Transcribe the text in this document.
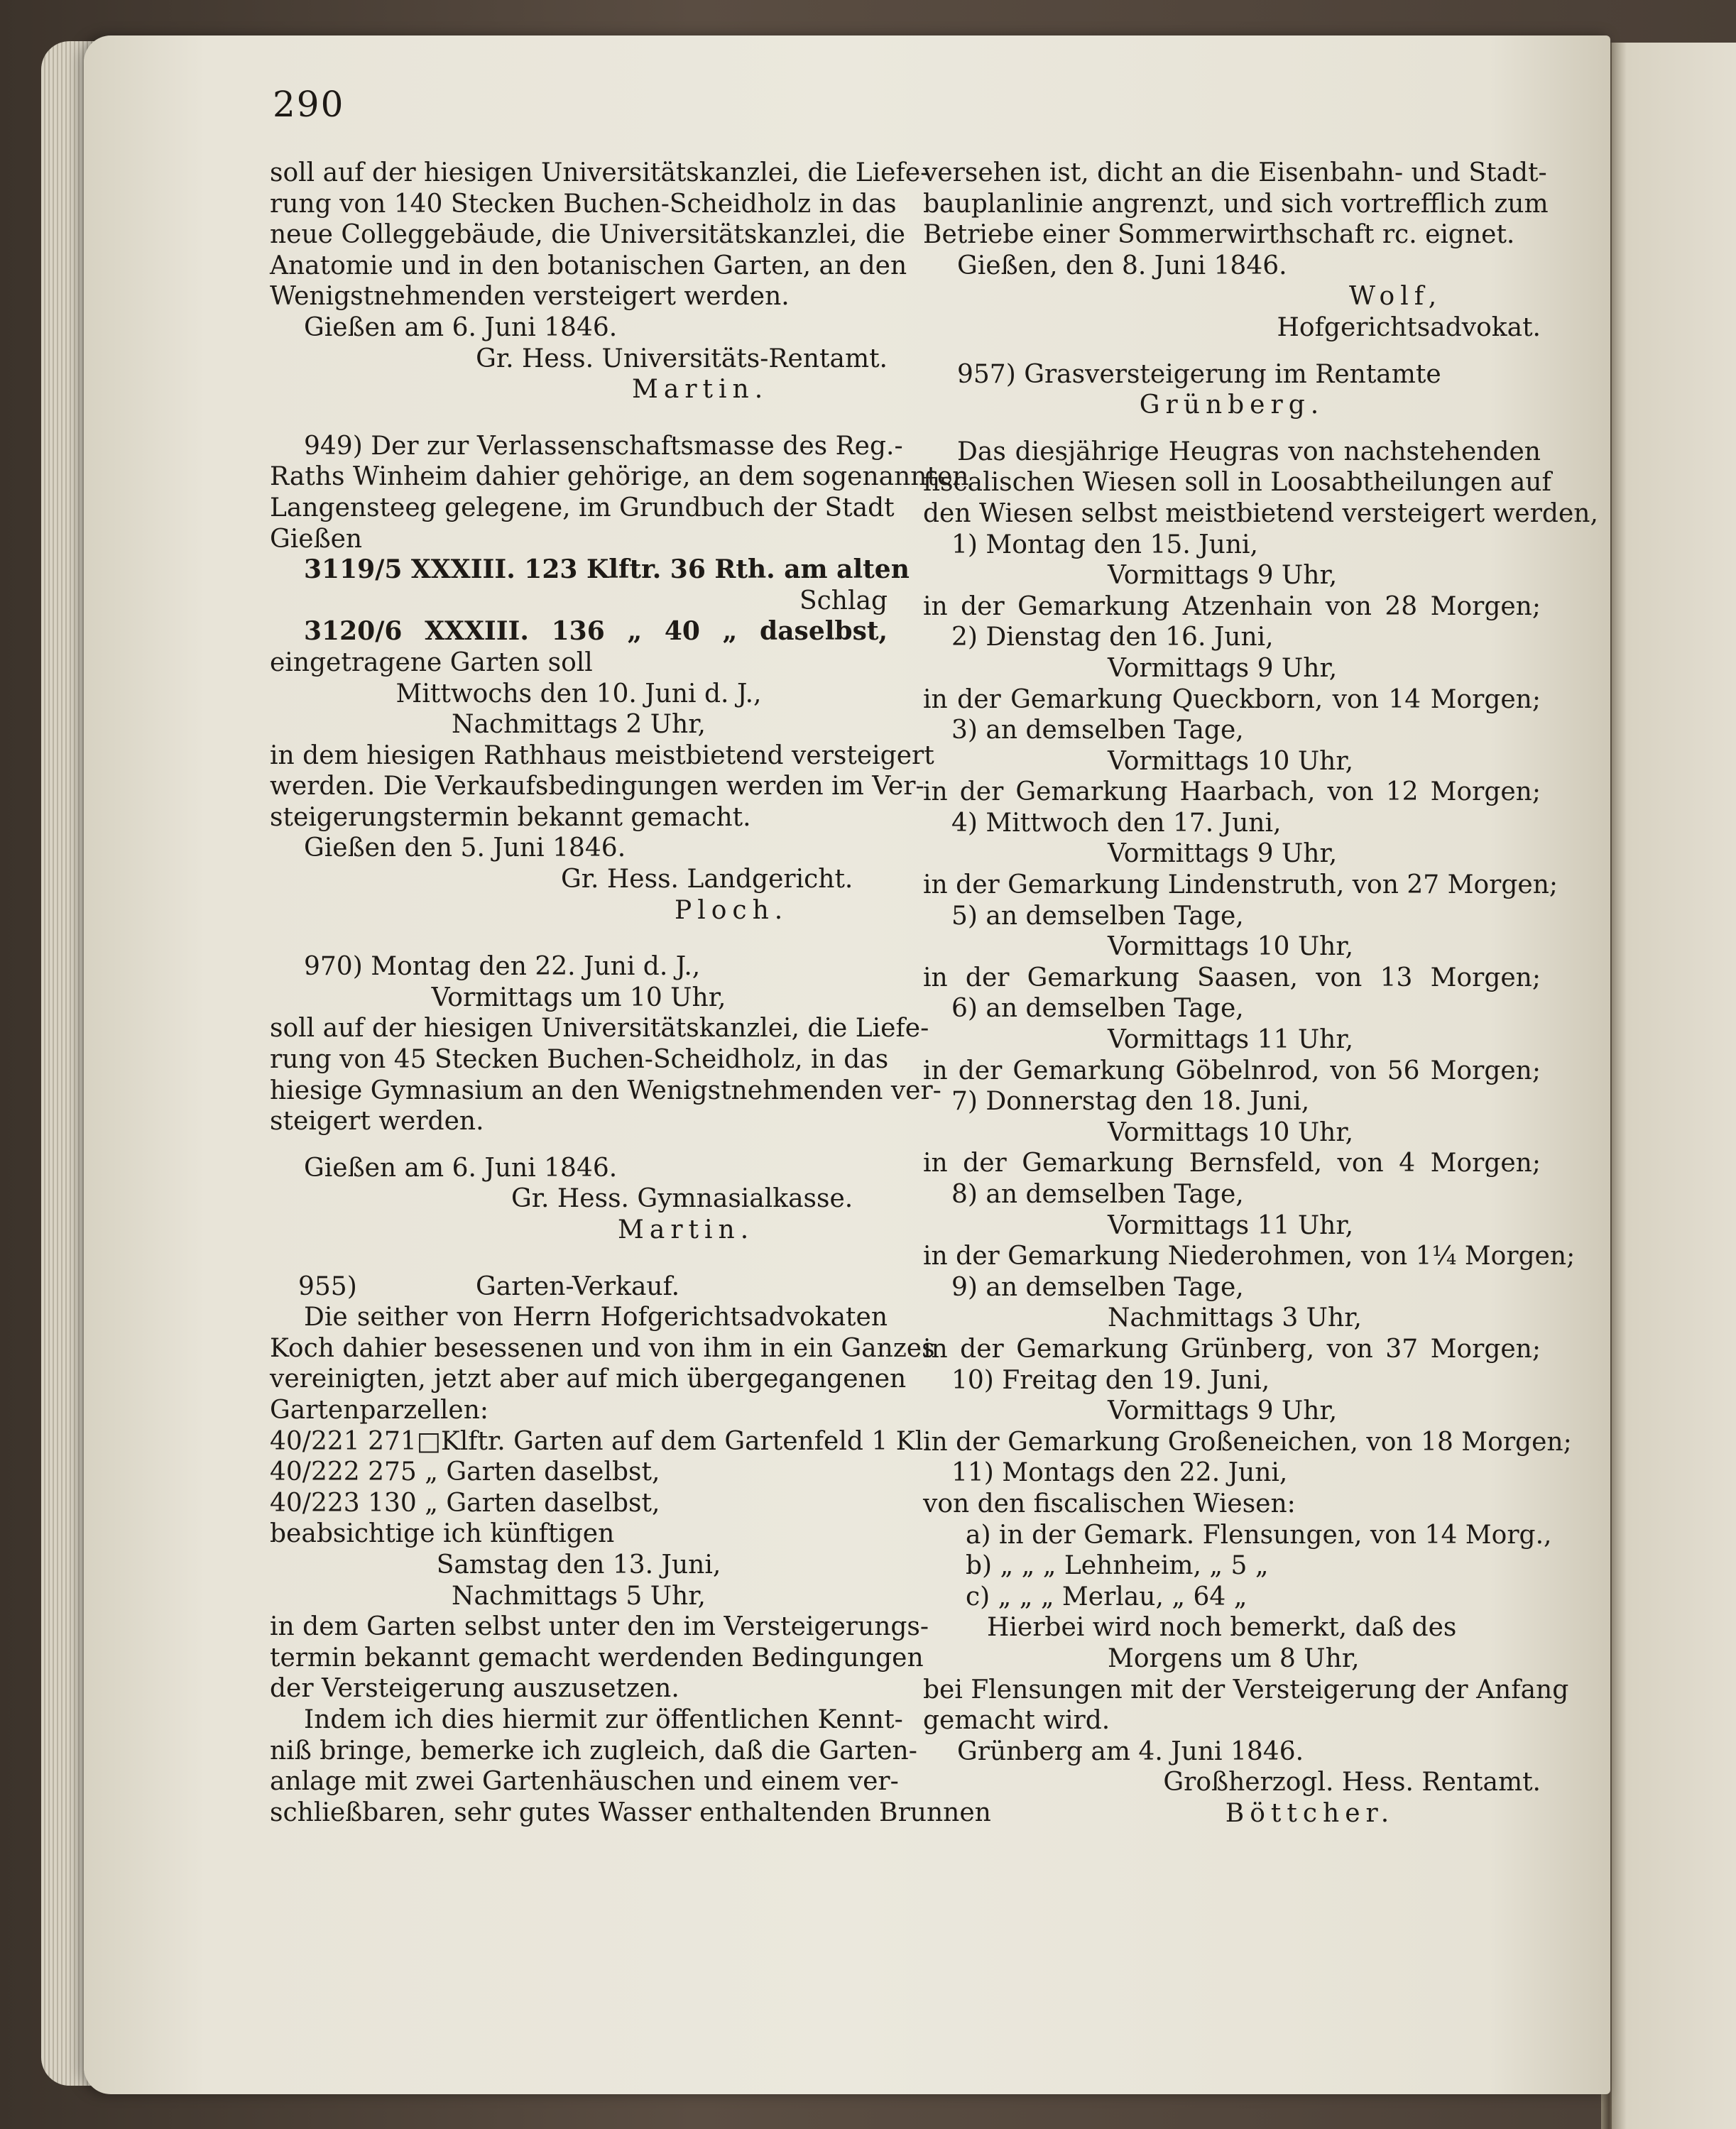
290
soll auf der hiesigen Universitätskanzlei, die Liefe-
rung von 140 Stecken Buchen-Scheidholz in das
neue Colleggebäude, die Universitätskanzlei, die
Anatomie und in den botanischen Garten, an den
Wenigstnehmenden versteigert werden.
Gießen am 6. Juni 1846.
Gr. Hess. Universitäts-Rentamt.
Martin.
949) Der zur Verlassenschaftsmasse des Reg.-
Raths Winheim dahier gehörige, an dem sogenannten
Langensteeg gelegene, im Grundbuch der Stadt
Gießen
3119/5 XXXIII. 123 Klftr. 36 Rth. am alten
Schlag
3120/6 XXXIII. 136 „ 40 „ daselbst,
eingetragene Garten soll
Mittwochs den 10. Juni d. J.,
Nachmittags 2 Uhr,
in dem hiesigen Rathhaus meistbietend versteigert
werden. Die Verkaufsbedingungen werden im Ver-
steigerungstermin bekannt gemacht.
Gießen den 5. Juni 1846.
Gr. Hess. Landgericht.
Ploch.
970) Montag den 22. Juni d. J.,
Vormittags um 10 Uhr,
soll auf der hiesigen Universitätskanzlei, die Liefe-
rung von 45 Stecken Buchen-Scheidholz, in das
hiesige Gymnasium an den Wenigstnehmenden ver-
steigert werden.
Gießen am 6. Juni 1846.
Gr. Hess. Gymnasialkasse.
Martin.
955)	Garten-Verkauf.
Die seither von Herrn Hofgerichtsadvokaten
Koch dahier besessenen und von ihm in ein Ganzes
vereinigten, jetzt aber auf mich übergegangenen
Gartenparzellen:
40/221 271□Klftr. Garten auf dem Gartenfeld 1 Kl.
40/222 275 „ Garten daselbst,
40/223 130 „ Garten daselbst,
beabsichtige ich künftigen
Samstag den 13. Juni,
Nachmittags 5 Uhr,
in dem Garten selbst unter den im Versteigerungs-
termin bekannt gemacht werdenden Bedingungen
der Versteigerung auszusetzen.
Indem ich dies hiermit zur öffentlichen Kennt-
niß bringe, bemerke ich zugleich, daß die Garten-
anlage mit zwei Gartenhäuschen und einem ver-
schließbaren, sehr gutes Wasser enthaltenden Brunnen
versehen ist, dicht an die Eisenbahn- und Stadt-
bauplanlinie angrenzt, und sich vortrefflich zum
Betriebe einer Sommerwirthschaft rc. eignet.
Gießen, den 8. Juni 1846.
Wolf,
Hofgerichtsadvokat.
957) Grasversteigerung im Rentamte
Grünberg.
Das diesjährige Heugras von nachstehenden
fiscalischen Wiesen soll in Loosabtheilungen auf
den Wiesen selbst meistbietend versteigert werden,
1) Montag den 15. Juni,
Vormittags 9 Uhr,
in der Gemarkung Atzenhain von 28 Morgen;
2) Dienstag den 16. Juni,
Vormittags 9 Uhr,
in der Gemarkung Queckborn, von 14 Morgen;
3) an demselben Tage,
Vormittags 10 Uhr,
in der Gemarkung Haarbach, von 12 Morgen;
4) Mittwoch den 17. Juni,
Vormittags 9 Uhr,
in der Gemarkung Lindenstruth, von 27 Morgen;
5) an demselben Tage,
Vormittags 10 Uhr,
in der Gemarkung Saasen, von 13 Morgen;
6) an demselben Tage,
Vormittags 11 Uhr,
in der Gemarkung Göbelnrod, von 56 Morgen;
7) Donnerstag den 18. Juni,
Vormittags 10 Uhr,
in der Gemarkung Bernsfeld, von 4 Morgen;
8) an demselben Tage,
Vormittags 11 Uhr,
in der Gemarkung Niederohmen, von 1¼ Morgen;
9) an demselben Tage,
Nachmittags 3 Uhr,
in der Gemarkung Grünberg, von 37 Morgen;
10) Freitag den 19. Juni,
Vormittags 9 Uhr,
in der Gemarkung Großeneichen, von 18 Morgen;
11) Montags den 22. Juni,
von den fiscalischen Wiesen:
a) in der Gemark. Flensungen, von 14 Morg.,
b) „ „ „ Lehnheim, „ 5 „
c) „ „ „ Merlau, „ 64 „
Hierbei wird noch bemerkt, daß des
Morgens um 8 Uhr,
bei Flensungen mit der Versteigerung der Anfang
gemacht wird.
Grünberg am 4. Juni 1846.
Großherzogl. Hess. Rentamt.
Böttcher.
